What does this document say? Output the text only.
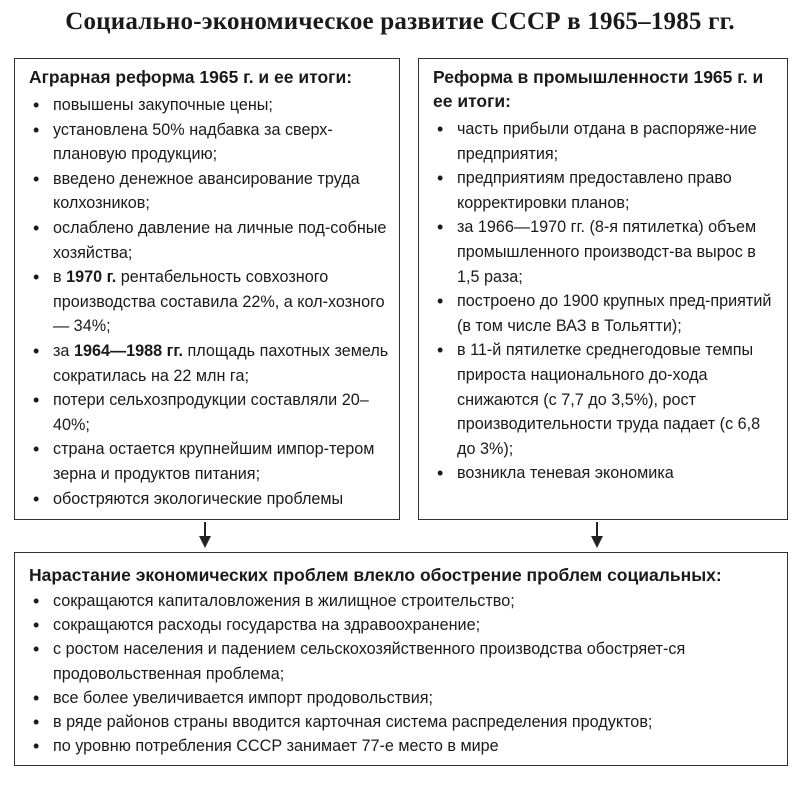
Социально-экономическое развитие СССР в 1965–1985 гг.
Аграрная реформа 1965 г. и ее итоги:
• повышены закупочные цены;
• установлена 50% надбавка за сверх-плановую продукцию;
• введено денежное авансирование труда колхозников;
• ослаблено давление на личные под-собные хозяйства;
• в 1970 г. рентабельность совхозного производства составила 22%, а кол-хозного — 34%;
• за 1964—1988 гг. площадь пахотных земель сократилась на 22 млн га;
• потери сельхозпродукции составляли 20–40%;
• страна остается крупнейшим импор-тером зерна и продуктов питания;
• обостряются экологические проблемы
Реформа в промышленности 1965 г. и ее итоги:
• часть прибыли отдана в распоряже-ние предприятия;
• предприятиям предоставлено право корректировки планов;
• за 1966—1970 гг. (8-я пятилетка) объем промышленного производст-ва вырос в 1,5 раза;
• построено до 1900 крупных пред-приятий (в том числе ВАЗ в Тольятти);
• в 11-й пятилетке среднегодовые темпы прироста национального до-хода снижаются (с 7,7 до 3,5%), рост производительности труда падает (с 6,8 до 3%);
• возникла теневая экономика
Нарастание экономических проблем влекло обострение проблем социальных:
• сокращаются капиталовложения в жилищное строительство;
• сокращаются расходы государства на здравоохранение;
• с ростом населения и падением сельскохозяйственного производства обостряет-ся продовольственная проблема;
• все более увеличивается импорт продовольствия;
• в ряде районов страны вводится карточная система распределения продуктов;
• по уровню потребления СССР занимает 77-е место в мире
